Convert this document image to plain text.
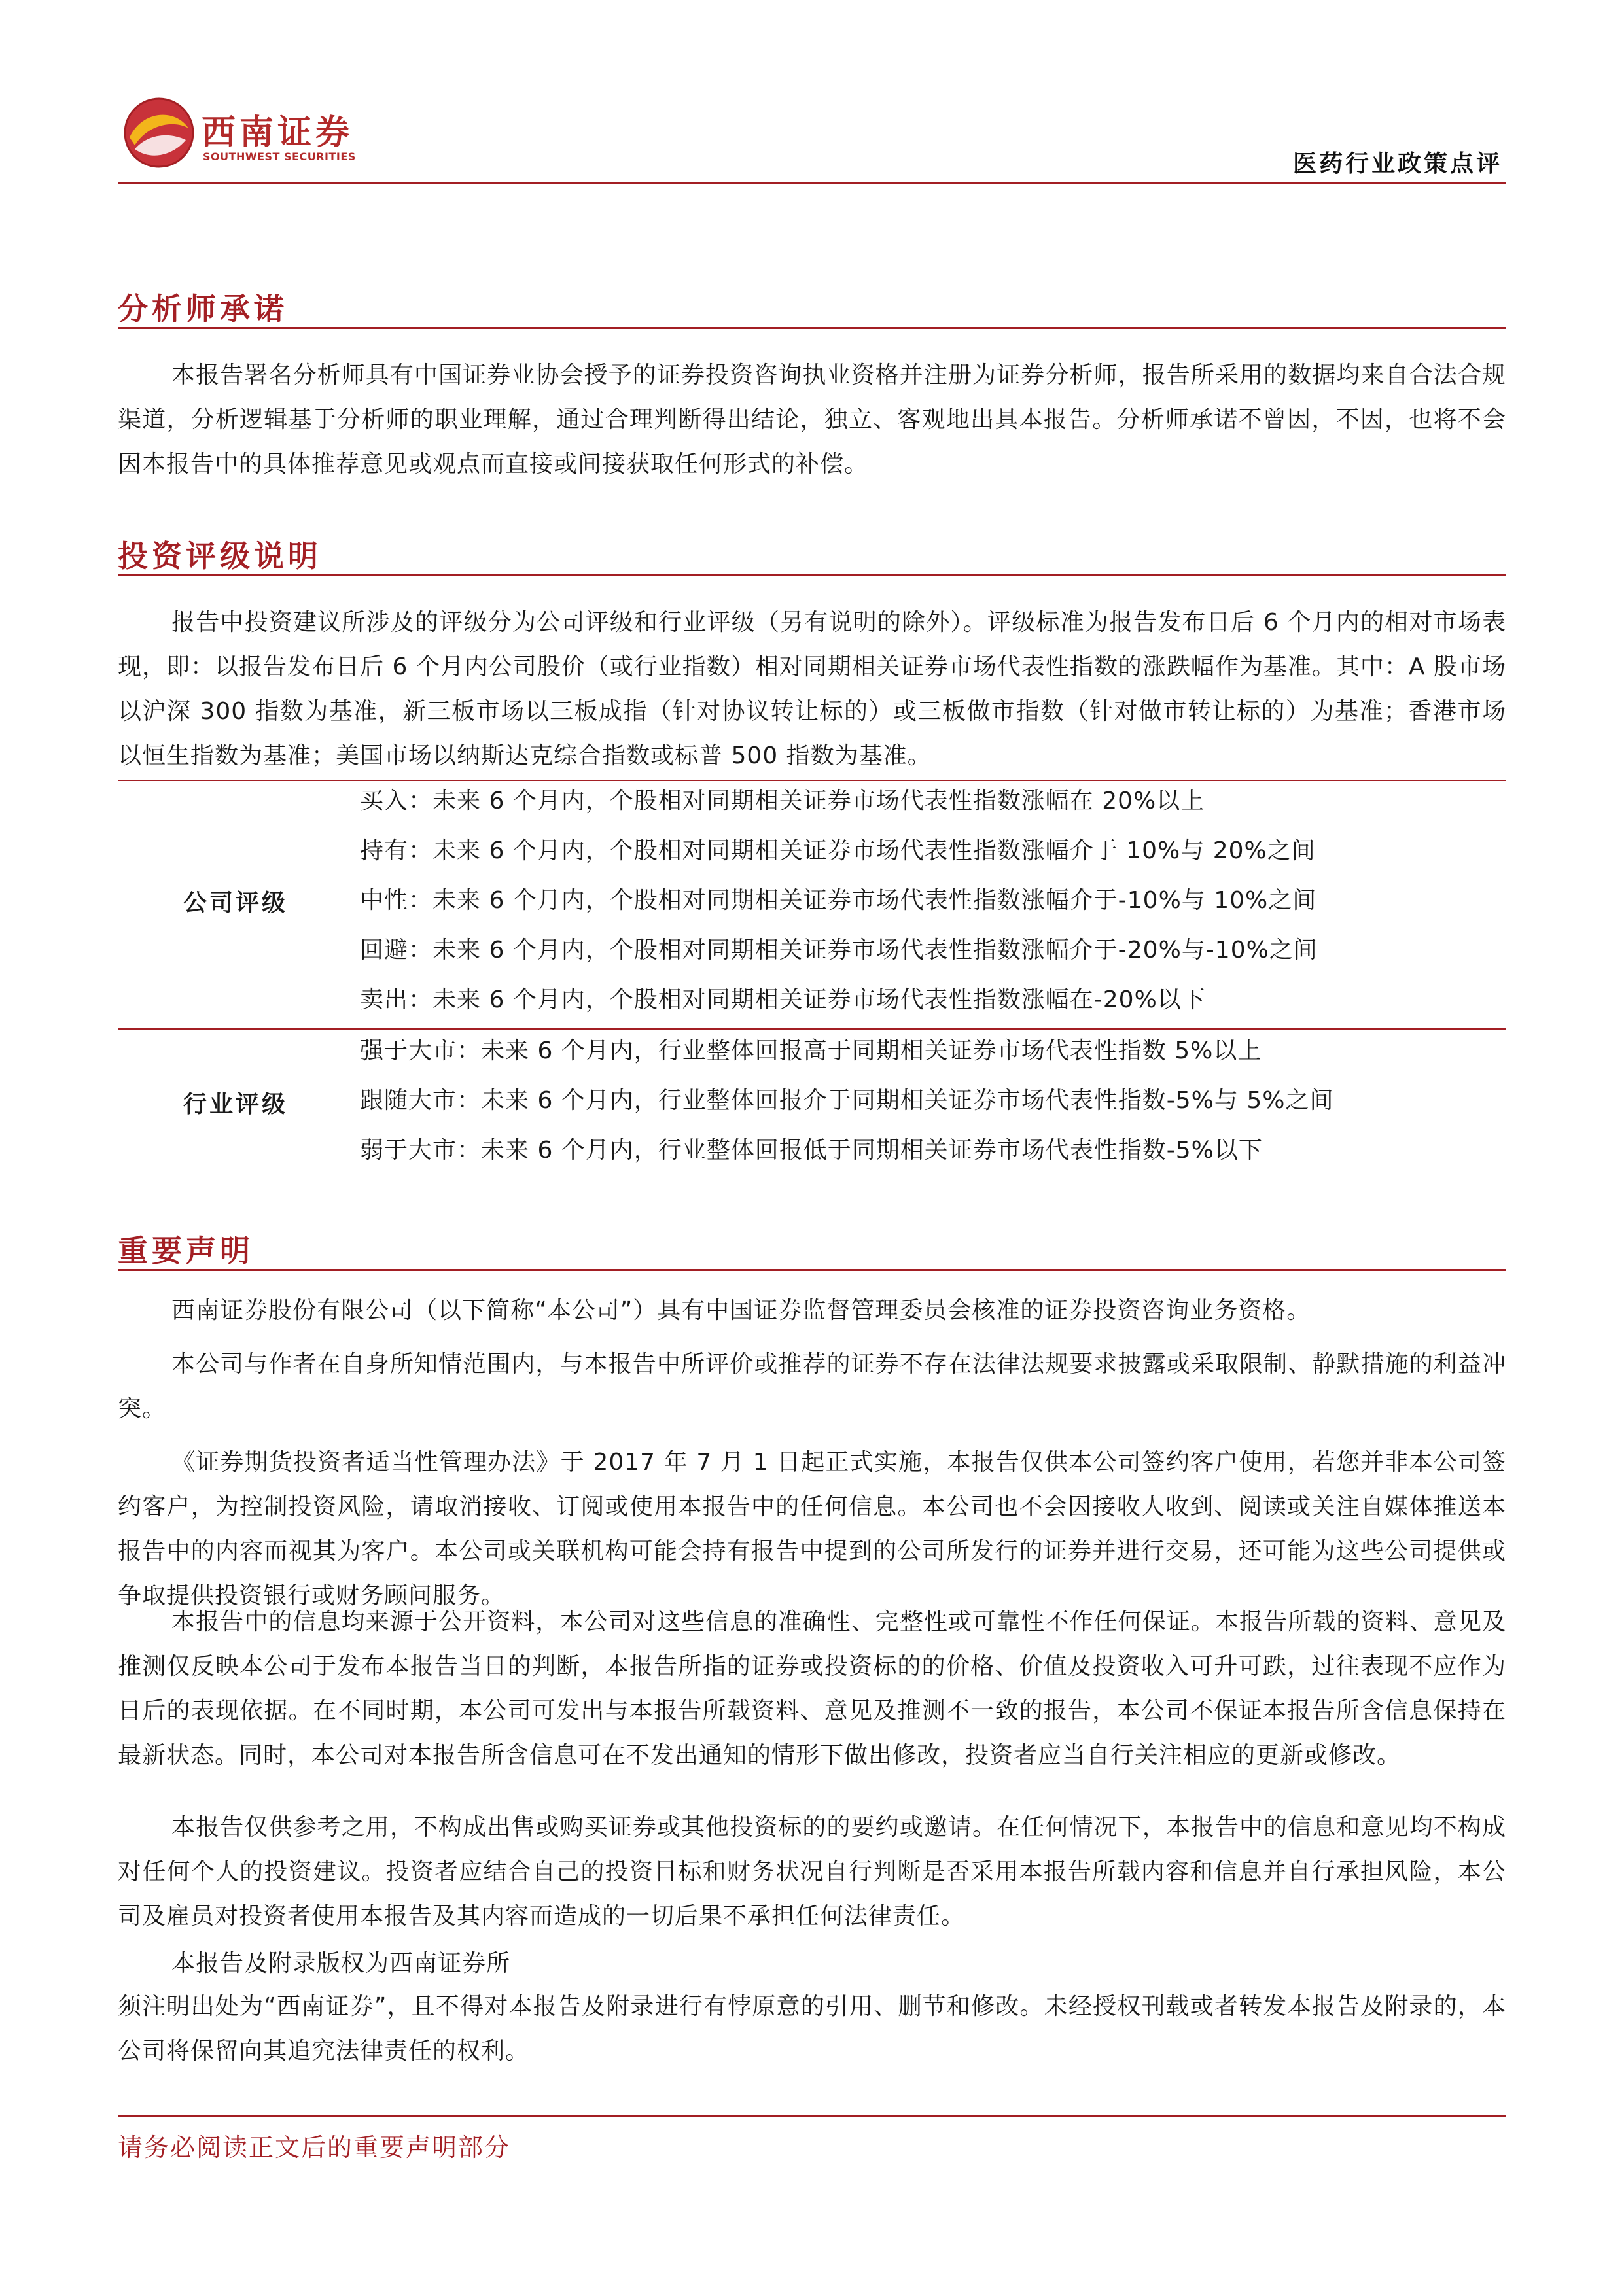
西南证券
SOUTHWEST SECURITIES	医药行业政策点评
分析师承诺

本报告署名分析师具有中国证券业协会授予的证券投资咨询执业资格并注册为证券分析师，报告所采用的数据均来自合法合规渠道，分析逻辑基于分析师的职业理解，通过合理判断得出结论，独立、客观地出具本报告。分析师承诺不曾因，不因，也将不会因本报告中的具体推荐意见或观点而直接或间接获取任何形式的补偿。

投资评级说明

报告中投资建议所涉及的评级分为公司评级和行业评级（另有说明的除外）。评级标准为报告发布日后 6 个月内的相对市场表现，即：以报告发布日后 6 个月内公司股价（或行业指数）相对同期相关证券市场代表性指数的涨跌幅作为基准。其中：A 股市场以沪深 300 指数为基准，新三板市场以三板成指（针对协议转让标的）或三板做市指数（针对做市转让标的）为基准；香港市场以恒生指数为基准；美国市场以纳斯达克综合指数或标普 500 指数为基准。

公司评级
买入：未来 6 个月内，个股相对同期相关证券市场代表性指数涨幅在 20%以上
持有：未来 6 个月内，个股相对同期相关证券市场代表性指数涨幅介于 10%与 20%之间
中性：未来 6 个月内，个股相对同期相关证券市场代表性指数涨幅介于-10%与 10%之间
回避：未来 6 个月内，个股相对同期相关证券市场代表性指数涨幅介于-20%与-10%之间
卖出：未来 6 个月内，个股相对同期相关证券市场代表性指数涨幅在-20%以下
行业评级
强于大市：未来 6 个月内，行业整体回报高于同期相关证券市场代表性指数 5%以上
跟随大市：未来 6 个月内，行业整体回报介于同期相关证券市场代表性指数-5%与 5%之间
弱于大市：未来 6 个月内，行业整体回报低于同期相关证券市场代表性指数-5%以下
重要声明

西南证券股份有限公司（以下简称“本公司”）具有中国证券监督管理委员会核准的证券投资咨询业务资格。

本公司与作者在自身所知情范围内，与本报告中所评价或推荐的证券不存在法律法规要求披露或采取限制、静默措施的利益冲突。

《证券期货投资者适当性管理办法》于 2017 年 7 月 1 日起正式实施，本报告仅供本公司签约客户使用，若您并非本公司签约客户，为控制投资风险，请取消接收、订阅或使用本报告中的任何信息。本公司也不会因接收人收到、阅读或关注自媒体推送本报告中的内容而视其为客户。本公司或关联机构可能会持有报告中提到的公司所发行的证券并进行交易，还可能为这些公司提供或争取提供投资银行或财务顾问服务。

本报告中的信息均来源于公开资料，本公司对这些信息的准确性、完整性或可靠性不作任何保证。本报告所载的资料、意见及推测仅反映本公司于发布本报告当日的判断，本报告所指的证券或投资标的的价格、价值及投资收入可升可跌，过往表现不应作为日后的表现依据。在不同时期，本公司可发出与本报告所载资料、意见及推测不一致的报告，本公司不保证本报告所含信息保持在最新状态。同时，本公司对本报告所含信息可在不发出通知的情形下做出修改，投资者应当自行关注相应的更新或修改。

本报告仅供参考之用，不构成出售或购买证券或其他投资标的的要约或邀请。在任何情况下，本报告中的信息和意见均不构成对任何个人的投资建议。投资者应结合自己的投资目标和财务状况自行判断是否采用本报告所载内容和信息并自行承担风险，本公司及雇员对投资者使用本报告及其内容而造成的一切后果不承担任何法律责任。

本报告及附录版权为西南证券所

须注明出处为“西南证券”，且不得对本报告及附录进行有悖原意的引用、删节和修改。未经授权刊载或者转发本报告及附录的，本公司将保留向其追究法律责任的权利。

请务必阅读正文后的重要声明部分
